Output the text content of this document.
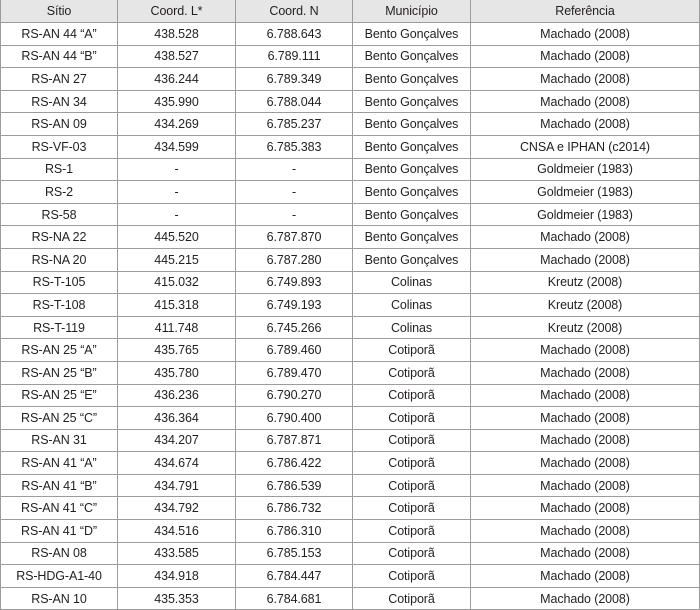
Sítio	Coord. L*	Coord. N	Município	Referência
RS-AN 44 “A”	438.528	6.788.643	Bento Gonçalves	Machado (2008)
RS-AN 44 “B”	438.527	6.789.111	Bento Gonçalves	Machado (2008)
RS-AN 27	436.244	6.789.349	Bento Gonçalves	Machado (2008)
RS-AN 34	435.990	6.788.044	Bento Gonçalves	Machado (2008)
RS-AN 09	434.269	6.785.237	Bento Gonçalves	Machado (2008)
RS-VF-03	434.599	6.785.383	Bento Gonçalves	CNSA e IPHAN (c2014)
RS-1	-	-	Bento Gonçalves	Goldmeier (1983)
RS-2	-	-	Bento Gonçalves	Goldmeier (1983)
RS-58	-	-	Bento Gonçalves	Goldmeier (1983)
RS-NA 22	445.520	6.787.870	Bento Gonçalves	Machado (2008)
RS-NA 20	445.215	6.787.280	Bento Gonçalves	Machado (2008)
RS-T-105	415.032	6.749.893	Colinas	Kreutz (2008)
RS-T-108	415.318	6.749.193	Colinas	Kreutz (2008)
RS-T-119	411.748	6.745.266	Colinas	Kreutz (2008)
RS-AN 25 “A”	435.765	6.789.460	Cotiporã	Machado (2008)
RS-AN 25 “B”	435.780	6.789.470	Cotiporã	Machado (2008)
RS-AN 25 “E”	436.236	6.790.270	Cotiporã	Machado (2008)
RS-AN 25 “C”	436.364	6.790.400	Cotiporã	Machado (2008)
RS-AN 31	434.207	6.787.871	Cotiporã	Machado (2008)
RS-AN 41 “A”	434.674	6.786.422	Cotiporã	Machado (2008)
RS-AN 41 “B”	434.791	6.786.539	Cotiporã	Machado (2008)
RS-AN 41 “C”	434.792	6.786.732	Cotiporã	Machado (2008)
RS-AN 41 “D”	434.516	6.786.310	Cotiporã	Machado (2008)
RS-AN 08	433.585	6.785.153	Cotiporã	Machado (2008)
RS-HDG-A1-40	434.918	6.784.447	Cotiporã	Machado (2008)
RS-AN 10	435.353	6.784.681	Cotiporã	Machado (2008)
